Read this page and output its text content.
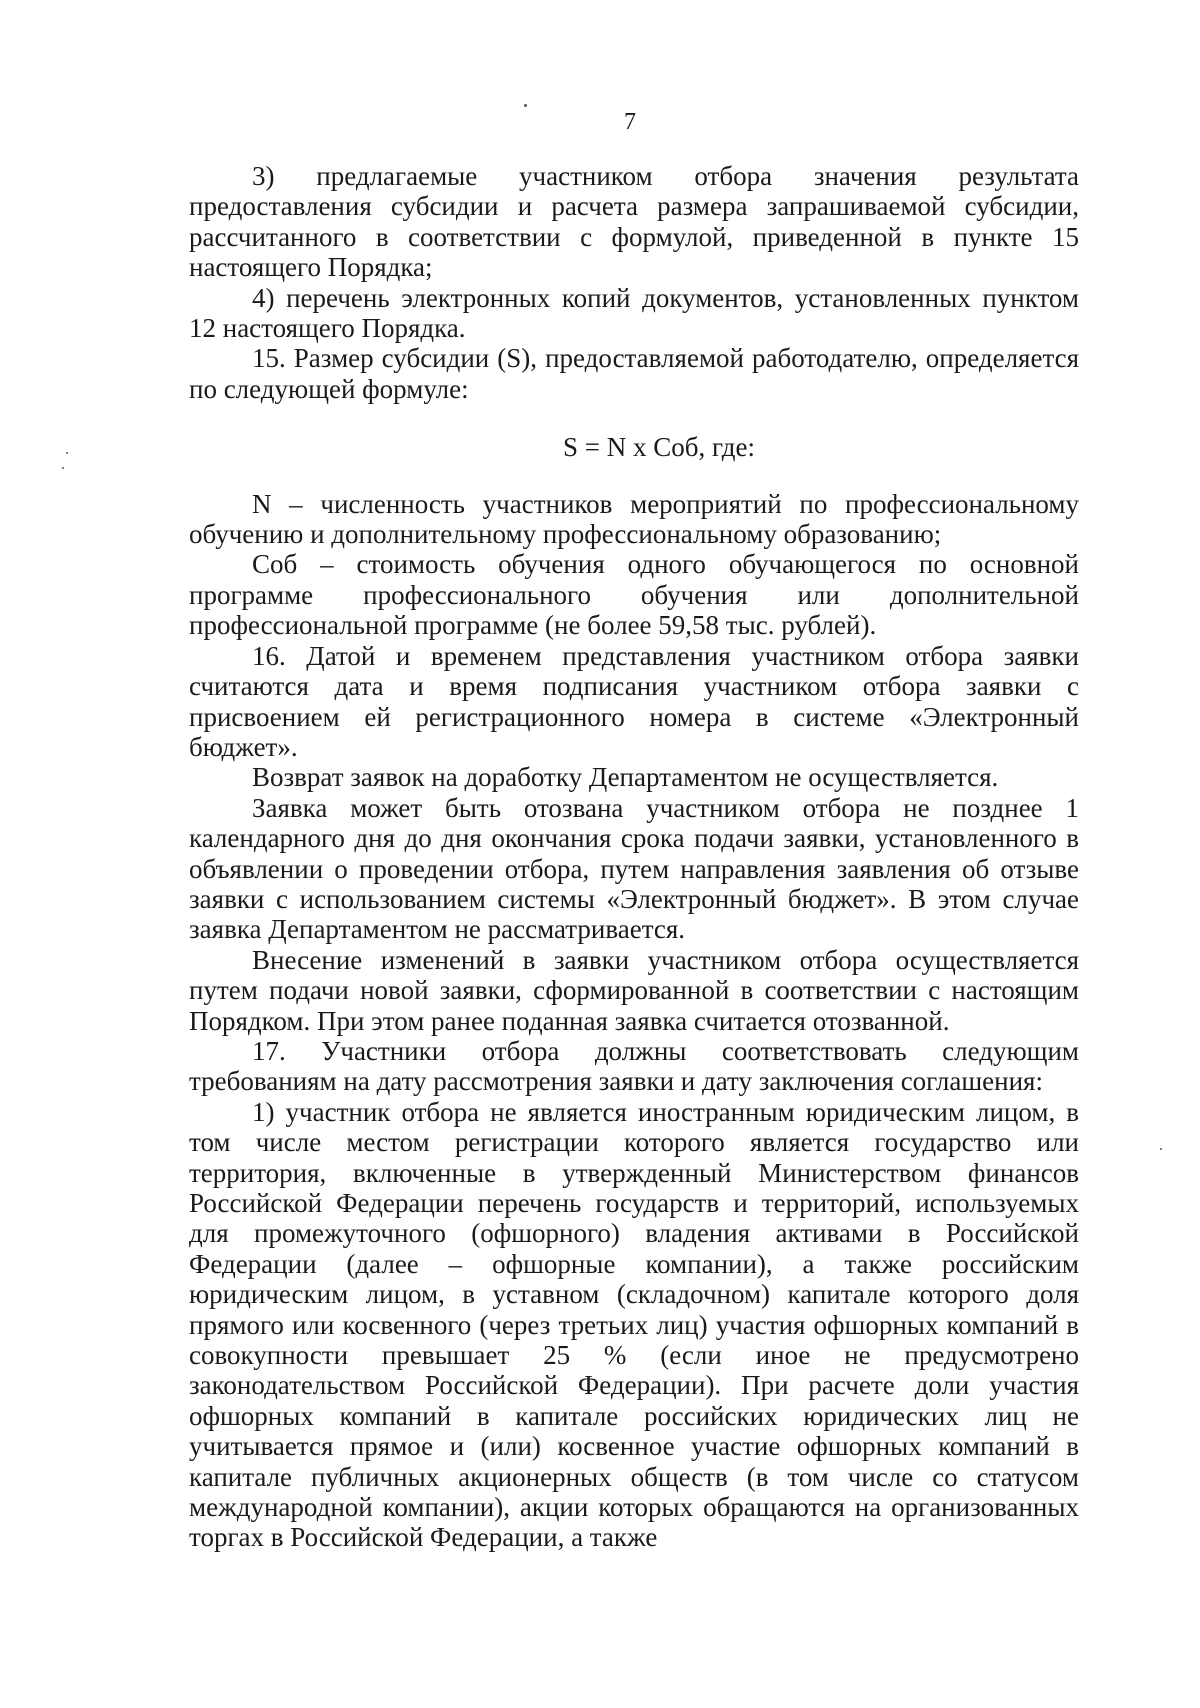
7

3) предлагаемые участником отбора значения результата предоставления субсидии и расчета размера запрашиваемой субсидии, рассчитанного в соответствии с формулой, приведенной в пункте 15 настоящего Порядка;

4) перечень электронных копий документов, установленных пунктом 12 настоящего Порядка.

15. Размер субсидии (S), предоставляемой работодателю, определяется по следующей формуле:

S = N x Соб, где:

N – численность участников мероприятий по профессиональному обучению и дополнительному профессиональному образованию;

Соб – стоимость обучения одного обучающегося по основной программе профессионального обучения или дополнительной профессиональной программе (не более 59,58 тыс. рублей).

16. Датой и временем представления участником отбора заявки считаются дата и время подписания участником отбора заявки с присвоением ей регистрационного номера в системе «Электронный бюджет».

Возврат заявок на доработку Департаментом не осуществляется.

Заявка может быть отозвана участником отбора не позднее 1 календарного дня до дня окончания срока подачи заявки, установленного в объявлении о проведении отбора, путем направления заявления об отзыве заявки с использованием системы «Электронный бюджет». В этом случае заявка Департаментом не рассматривается.

Внесение изменений в заявки участником отбора осуществляется путем подачи новой заявки, сформированной в соответствии с настоящим Порядком. При этом ранее поданная заявка считается отозванной.

17. Участники отбора должны соответствовать следующим требованиям на дату рассмотрения заявки и дату заключения соглашения:

1) участник отбора не является иностранным юридическим лицом, в том числе местом регистрации которого является государство или территория, включенные в утвержденный Министерством финансов Российской Федерации перечень государств и территорий, используемых для промежуточного (офшорного) владения активами в Российской Федерации (далее – офшорные компании), а также российским юридическим лицом, в уставном (складочном) капитале которого доля прямого или косвенного (через третьих лиц) участия офшорных компаний в совокупности превышает 25 % (если иное не предусмотрено законодательством Российской Федерации). При расчете доли участия офшорных компаний в капитале российских юридических лиц не учитывается прямое и (или) косвенное участие офшорных компаний в капитале публичных акционерных обществ (в том числе со статусом международной компании), акции которых обращаются на организованных торгах в Российской Федерации, а также
